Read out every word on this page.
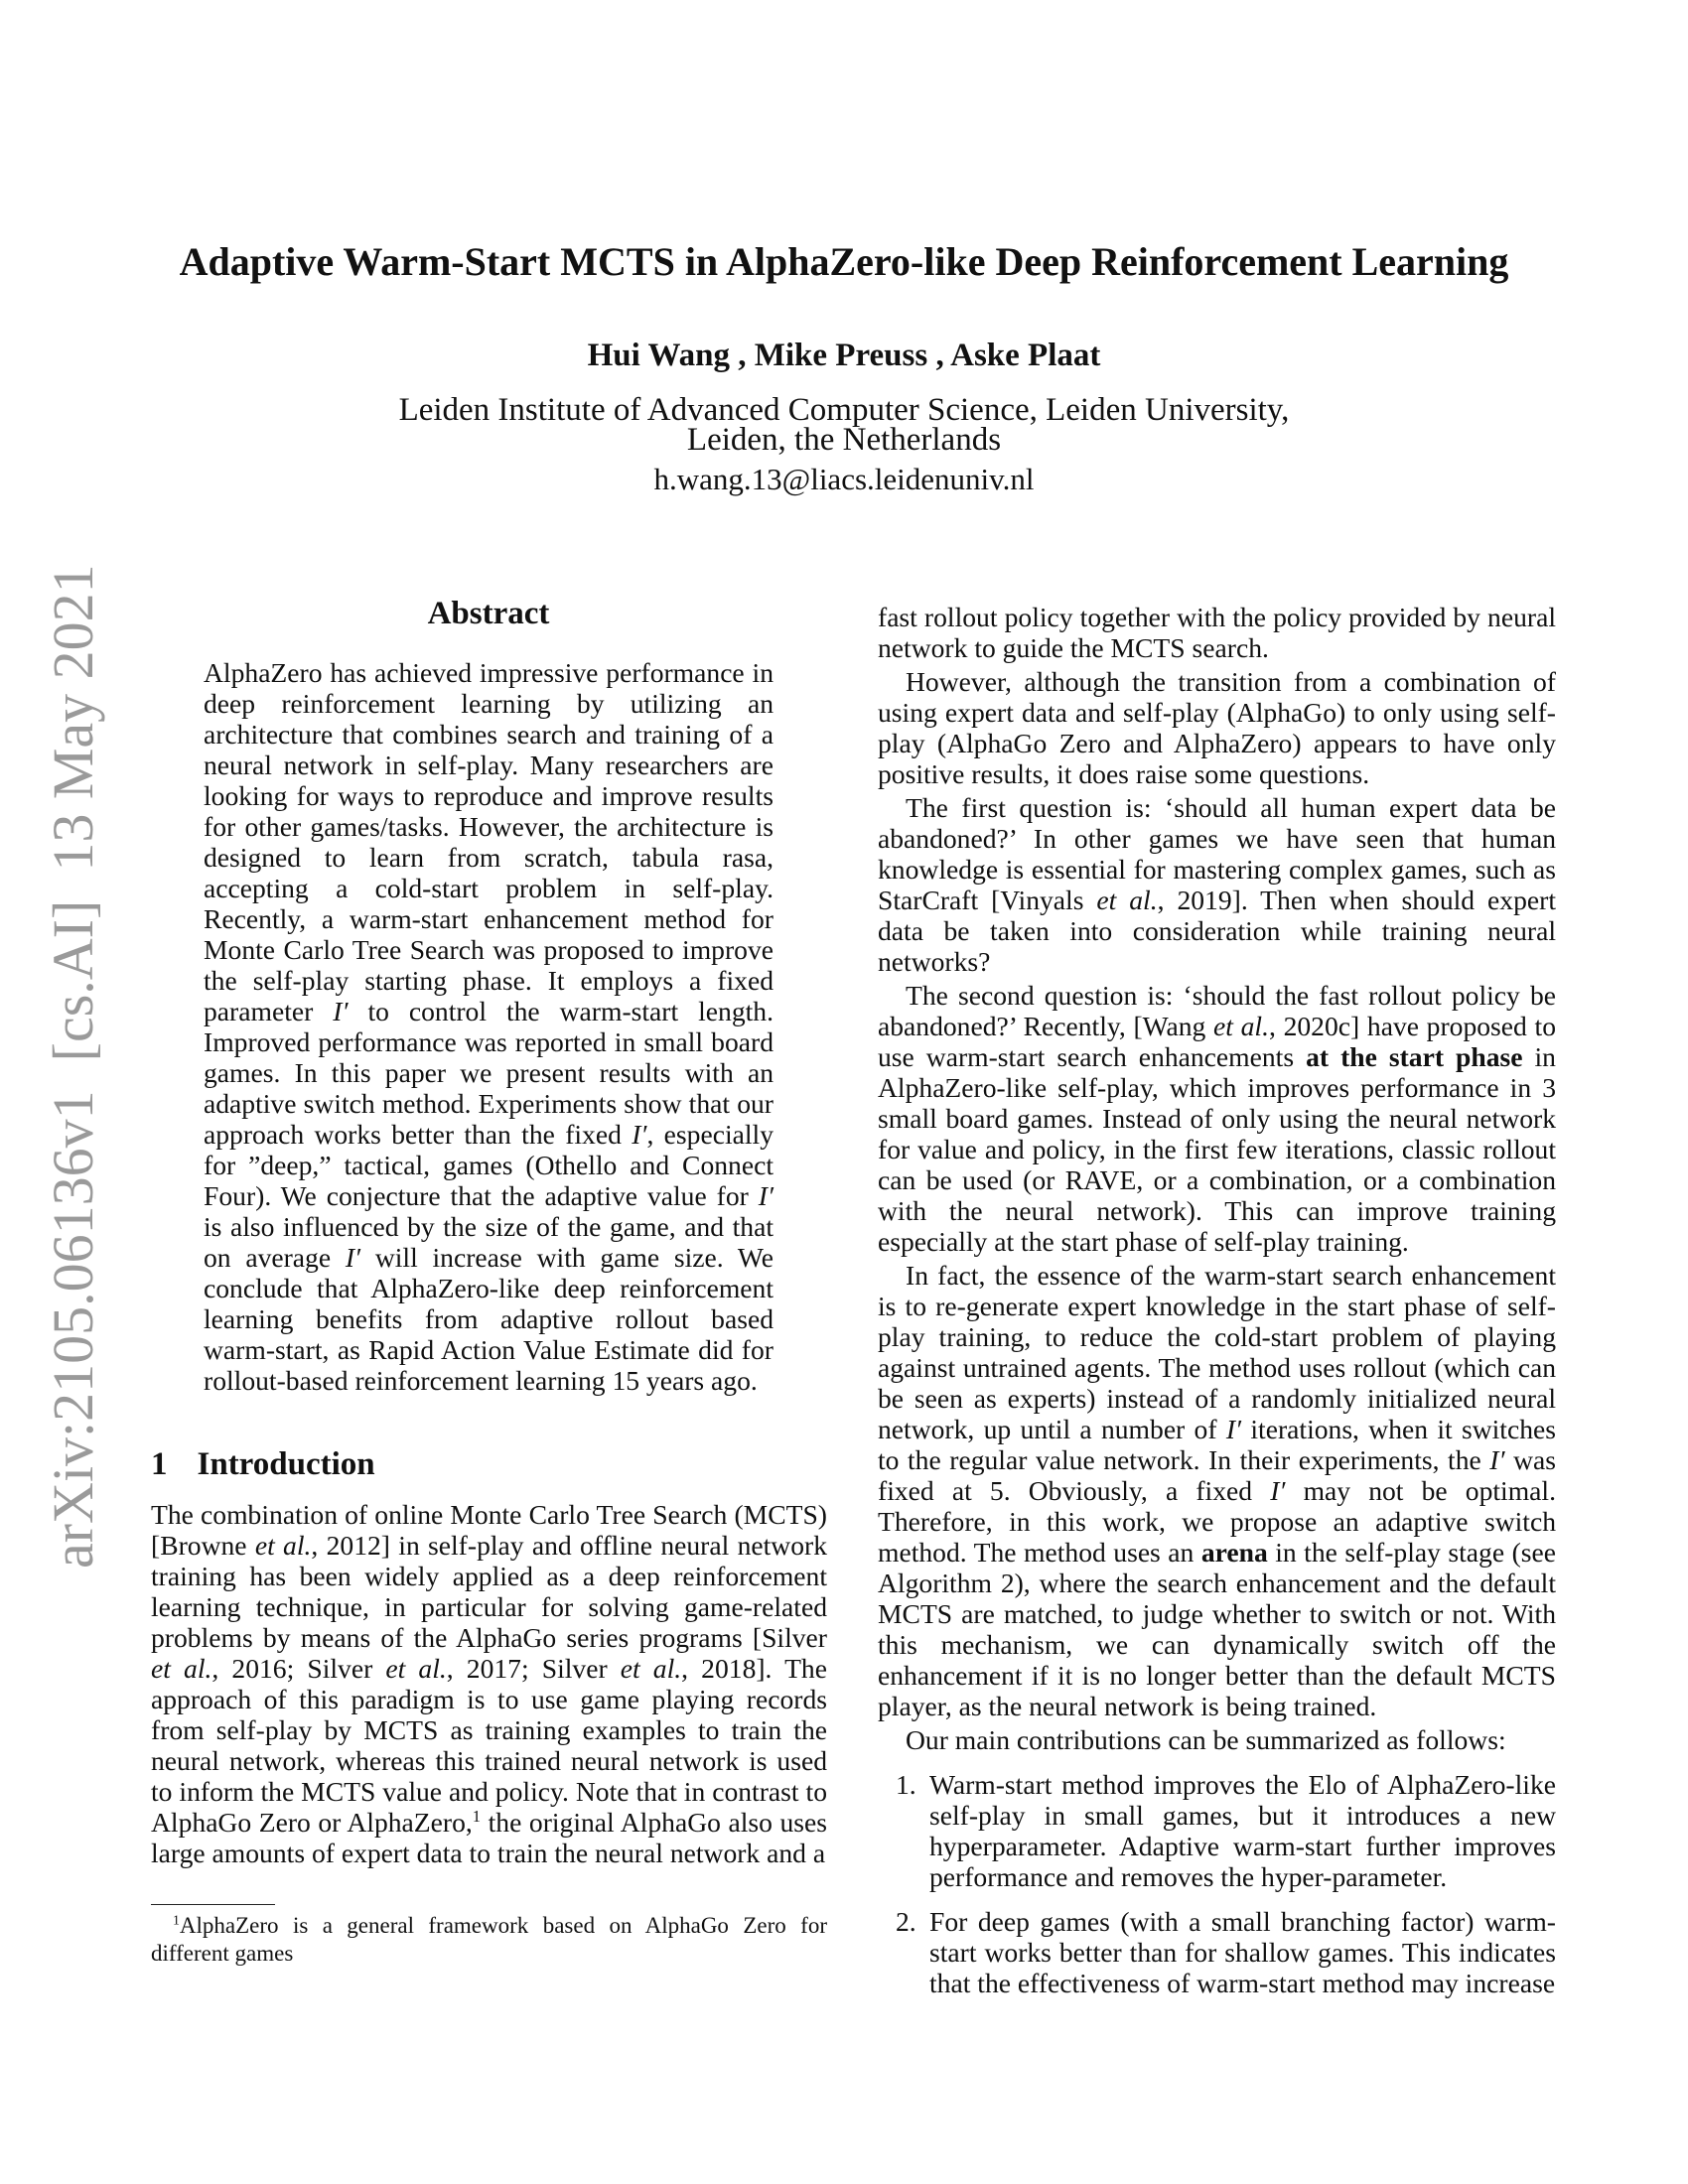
arXiv:2105.06136v1  [cs.AI]  13 May 2021
Adaptive Warm-Start MCTS in AlphaZero-like Deep Reinforcement Learning
Hui Wang , Mike Preuss , Aske Plaat
Leiden Institute of Advanced Computer Science, Leiden University,
Leiden, the Netherlands
h.wang.13@liacs.leidenuniv.nl
Abstract
AlphaZero has achieved impressive performance in deep reinforcement learning by utilizing an architecture that combines search and training of a neural network in self-play. Many researchers are looking for ways to reproduce and improve results for other games/tasks. However, the architecture is designed to learn from scratch, tabula rasa, accepting a cold-start problem in self-play. Recently, a warm-start enhancement method for Monte Carlo Tree Search was proposed to improve the self-play starting phase. It employs a fixed parameter I′ to control the warm-start length. Improved performance was reported in small board games. In this paper we present results with an adaptive switch method. Experiments show that our approach works better than the fixed I′, especially for ”deep,” tactical, games (Othello and Connect Four). We conjecture that the adaptive value for I′ is also influenced by the size of the game, and that on average I′ will increase with game size. We conclude that AlphaZero-like deep reinforcement learning benefits from adaptive rollout based warm-start, as Rapid Action Value Estimate did for rollout-based reinforcement learning 15 years ago.
1 Introduction
The combination of online Monte Carlo Tree Search (MCTS) [Browne et al., 2012] in self-play and offline neural network training has been widely applied as a deep reinforcement learning technique, in particular for solving game-related problems by means of the AlphaGo series programs [Silver et al., 2016; Silver et al., 2017; Silver et al., 2018]. The approach of this paradigm is to use game playing records from self-play by MCTS as training examples to train the neural network, whereas this trained neural network is used to inform the MCTS value and policy. Note that in contrast to AlphaGo Zero or AlphaZero,$^1$ the original AlphaGo also uses large amounts of expert data to train the neural network and a
$^1$AlphaZero is a general framework based on AlphaGo Zero for different games

fast rollout policy together with the policy provided by neural network to guide the MCTS search.

However, although the transition from a combination of using expert data and self-play (AlphaGo) to only using self-play (AlphaGo Zero and AlphaZero) appears to have only positive results, it does raise some questions.

The first question is: ‘should all human expert data be abandoned?’ In other games we have seen that human knowledge is essential for mastering complex games, such as StarCraft [Vinyals et al., 2019]. Then when should expert data be taken into consideration while training neural networks?

The second question is: ‘should the fast rollout policy be abandoned?’ Recently, [Wang et al., 2020c] have proposed to use warm-start search enhancements at the start phase in AlphaZero-like self-play, which improves performance in 3 small board games. Instead of only using the neural network for value and policy, in the first few iterations, classic rollout can be used (or RAVE, or a combination, or a combination with the neural network). This can improve training especially at the start phase of self-play training.

In fact, the essence of the warm-start search enhancement is to re-generate expert knowledge in the start phase of self-play training, to reduce the cold-start problem of playing against untrained agents. The method uses rollout (which can be seen as experts) instead of a randomly initialized neural network, up until a number of I′ iterations, when it switches to the regular value network. In their experiments, the I′ was fixed at 5. Obviously, a fixed I′ may not be optimal. Therefore, in this work, we propose an adaptive switch method. The method uses an arena in the self-play stage (see Algorithm 2), where the search enhancement and the default MCTS are matched, to judge whether to switch or not. With this mechanism, we can dynamically switch off the enhancement if it is no longer better than the default MCTS player, as the neural network is being trained.

Our main contributions can be summarized as follows:

1. Warm-start method improves the Elo of AlphaZero-like self-play in small games, but it introduces a new hyperparameter. Adaptive warm-start further improves performance and removes the hyper-parameter.
2. For deep games (with a small branching factor) warm-start works better than for shallow games. This indicates that the effectiveness of warm-start method may increase
